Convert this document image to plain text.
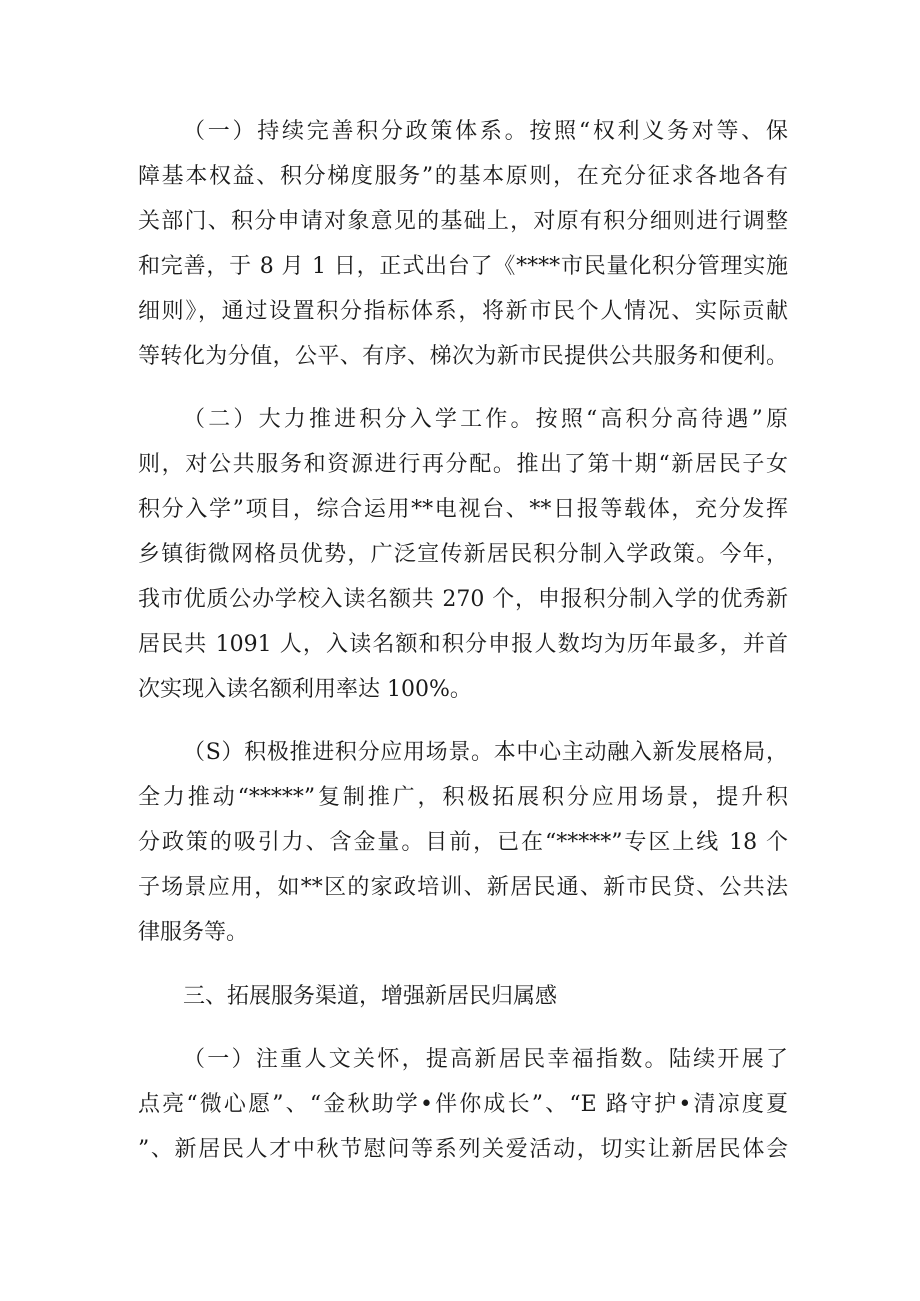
（一）持续完善积分政策体系。按照“权利义务对等、保
障基本权益、积分梯度服务”的基本原则，在充分征求各地各有
关部门、积分申请对象意见的基础上，对原有积分细则进行调整
和完善，于 8 月 1 日，正式出台了《****市民量化积分管理实施
细则》，通过设置积分指标体系，将新市民个人情况、实际贡献
等转化为分值，公平、有序、梯次为新市民提供公共服务和便利。
（二）大力推进积分入学工作。按照“高积分高待遇”原
则，对公共服务和资源进行再分配。推出了第十期“新居民子女
积分入学”项目，综合运用**电视台、**日报等载体，充分发挥
乡镇街微网格员优势，广泛宣传新居民积分制入学政策。今年，
我市优质公办学校入读名额共 270 个，申报积分制入学的优秀新
居民共 1091 人，入读名额和积分申报人数均为历年最多，并首
次实现入读名额利用率达 100%。
（S）积极推进积分应用场景。本中心主动融入新发展格局，
全力推动“*****”复制推广，积极拓展积分应用场景，提升积
分政策的吸引力、含金量。目前，已在“*****”专区上线 18 个
子场景应用，如**区的家政培训、新居民通、新市民贷、公共法
律服务等。
三、拓展服务渠道，增强新居民归属感
（一）注重人文关怀，提高新居民幸福指数。陆续开展了
点亮“微心愿”、“金秋助学•伴你成长”、“E 路守护•清凉度夏
”、新居民人才中秋节慰问等系列关爱活动，切实让新居民体会
